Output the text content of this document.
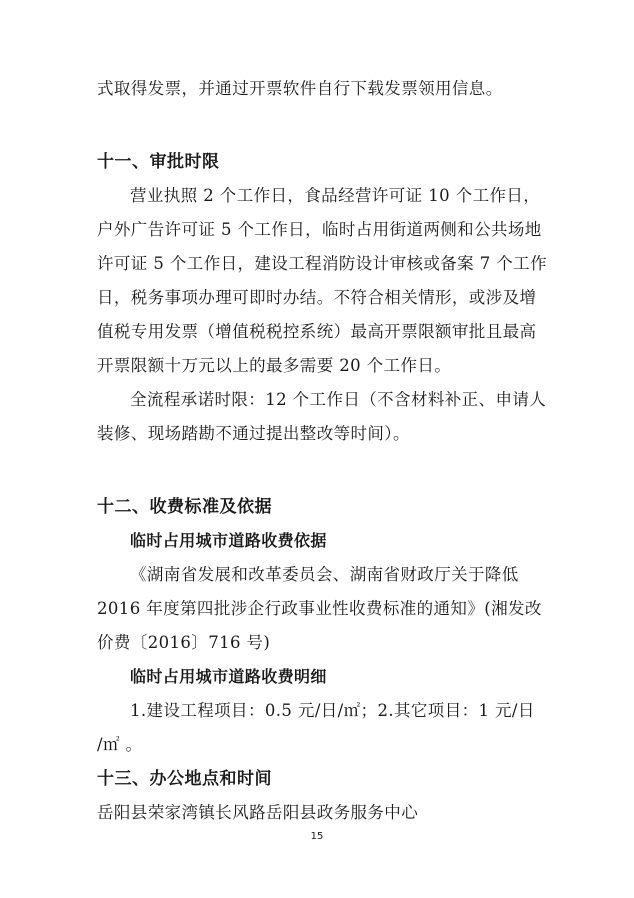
式取得发票，并通过开票软件自行下载发票领用信息。
十一、审批时限
营业执照 2 个工作日，食品经营许可证 10 个工作日，
户外广告许可证 5 个工作日，临时占用街道两侧和公共场地
许可证 5 个工作日，建设工程消防设计审核或备案 7 个工作
日，税务事项办理可即时办结。不符合相关情形，或涉及增
值税专用发票（增值税税控系统）最高开票限额审批且最高
开票限额十万元以上的最多需要 20 个工作日。
全流程承诺时限：12 个工作日（不含材料补正、申请人
装修、现场踏勘不通过提出整改等时间）。
十二、收费标准及依据
临时占用城市道路收费依据
《湖南省发展和改革委员会、湖南省财政厅关于降低
2016 年度第四批涉企行政事业性收费标准的通知》(湘发改
价费〔2016〕716 号)
临时占用城市道路收费明细
1.建设工程项目：0.5 元/日/㎡；2.其它项目：1 元/日
/㎡ 。
十三、办公地点和时间
岳阳县荣家湾镇长风路岳阳县政务服务中心
15
